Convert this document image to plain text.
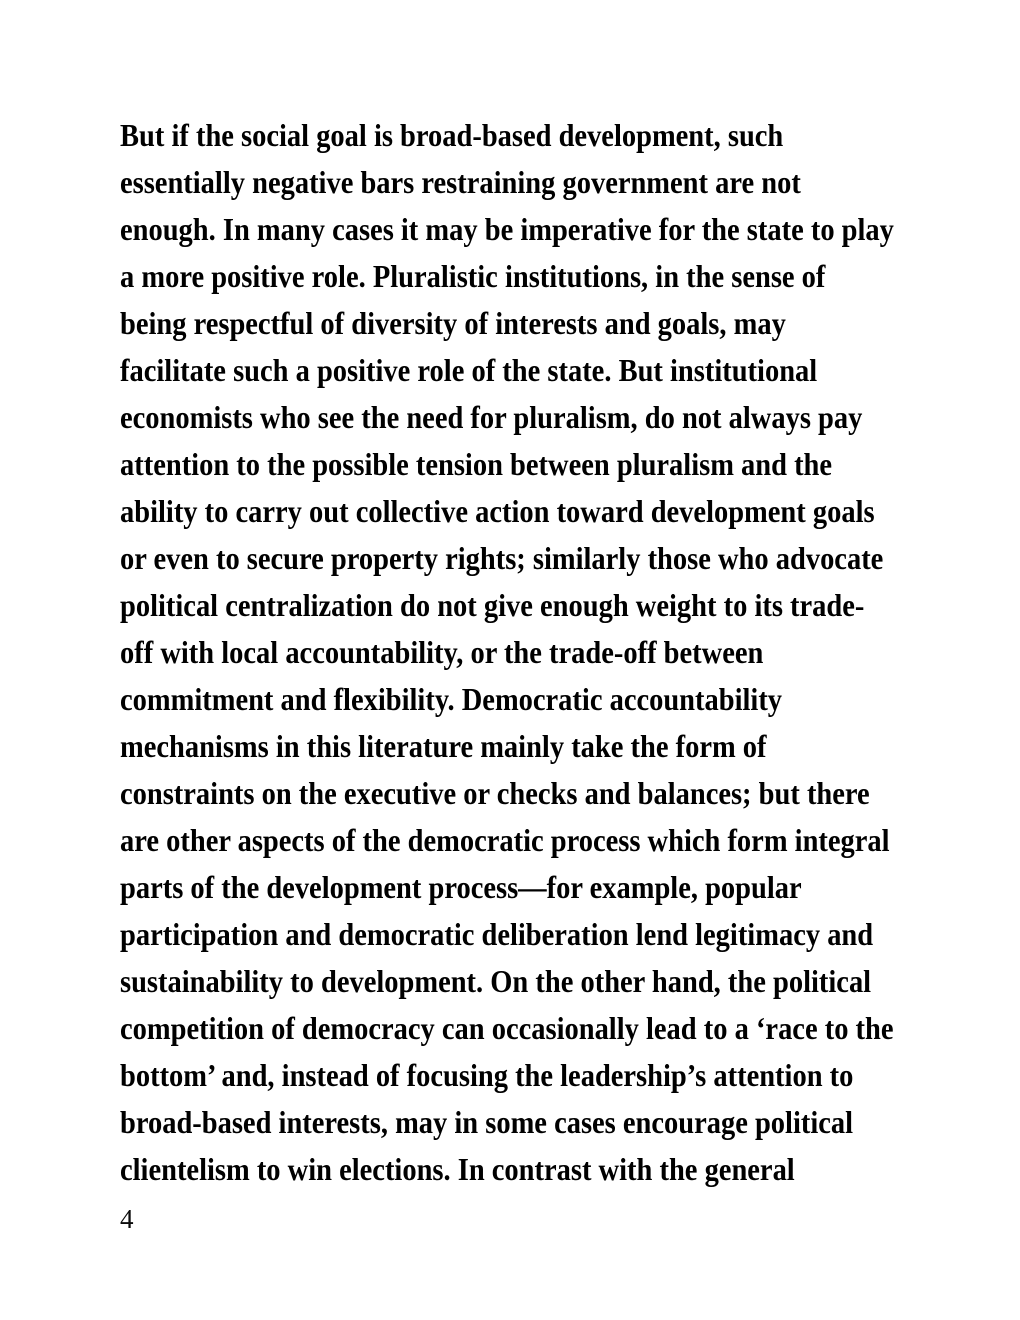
But if the social goal is broad-based development, such
essentially negative bars restraining government are not
enough. In many cases it may be imperative for the state to play
a more positive role. Pluralistic institutions, in the sense of
being respectful of diversity of interests and goals, may
facilitate such a positive role of the state. But institutional
economists who see the need for pluralism, do not always pay
attention to the possible tension between pluralism and the
ability to carry out collective action toward development goals
or even to secure property rights; similarly those who advocate
political centralization do not give enough weight to its trade-
off with local accountability, or the trade-off between
commitment and flexibility. Democratic accountability
mechanisms in this literature mainly take the form of
constraints on the executive or checks and balances; but there
are other aspects of the democratic process which form integral
parts of the development process—for example, popular
participation and democratic deliberation lend legitimacy and
sustainability to development. On the other hand, the political
competition of democracy can occasionally lead to a ‘race to the
bottom’ and, instead of focusing the leadership’s attention to
broad-based interests, may in some cases encourage political
clientelism to win elections. In contrast with the general
4
